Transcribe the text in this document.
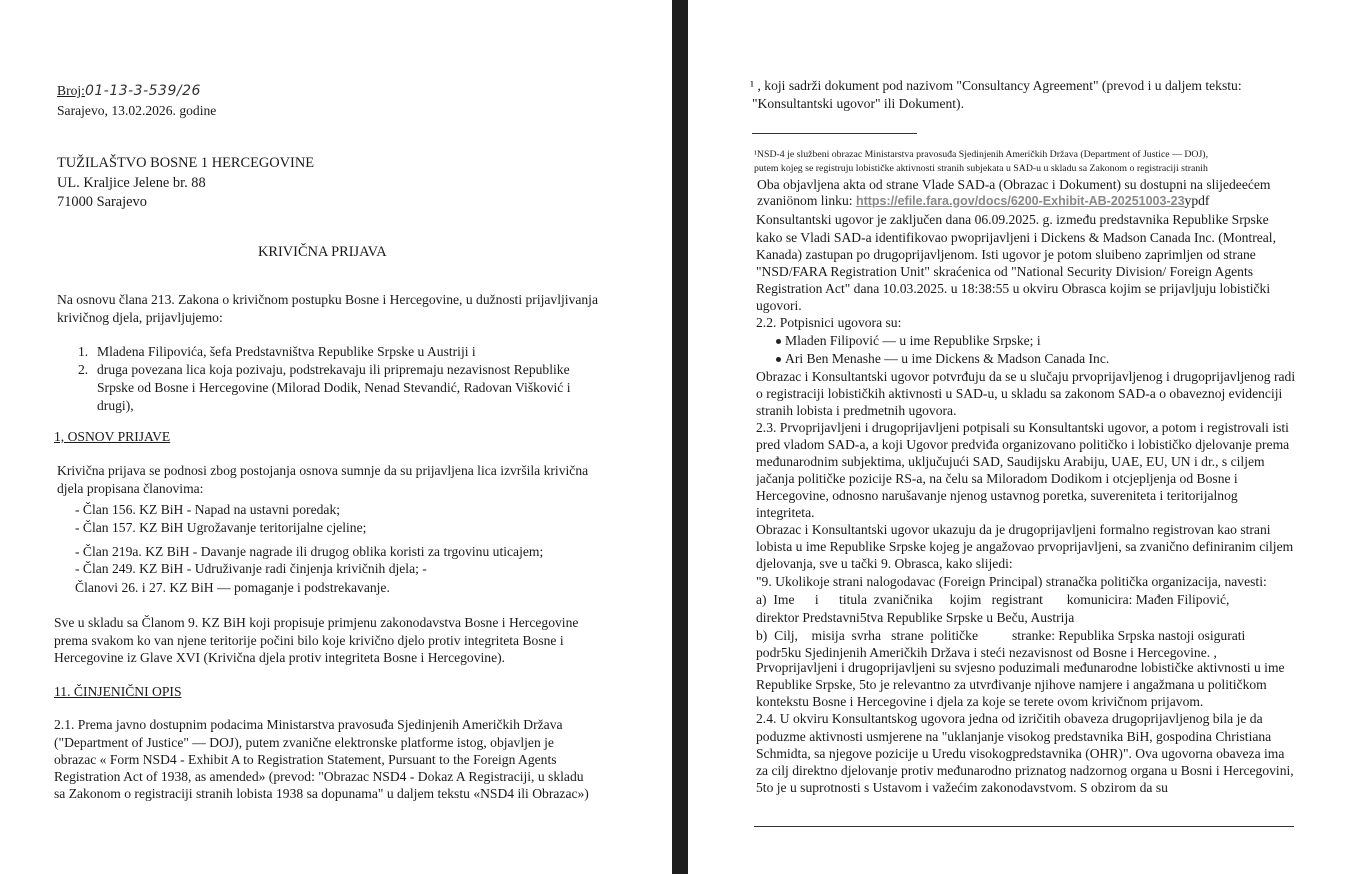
Broj:01-13-3-539/26
Sarajevo, 13.02.2026. godine
TUŽILAŠTVO BOSNE 1 HERCEGOVINE
UL. Kraljice Jelene br. 88
71000 Sarajevo
KRIVIČNA PRIJAVA
Na osnovu člana 213. Zakona o krivičnom postupku Bosne i Hercegovine, u dužnosti prijavljivanja
krivičnog djela, prijavljujemo:
1. Mladena Filipovića, šefa Predstavništva Republike Srpske u Austriji i
2. druga povezana lica koja pozivaju, podstrekavaju ili pripremaju nezavisnost Republike
Srpske od Bosne i Hercegovine (Milorad Dodik, Nenad Stevandić, Radovan Višković i
drugi),
1, OSNOV PRIJAVE
Krivična prijava se podnosi zbog postojanja osnova sumnje da su prijavljena lica izvršila krivična
djela propisana članovima:
- Član 156. KZ BiH - Napad na ustavni poredak;
- Član 157. KZ BiH Ugrožavanje teritorijalne cjeline;
- Član 219a. KZ BiH - Davanje nagrade ili drugog oblika koristi za trgovinu uticajem;
- Član 249. KZ BiH - Udruživanje radi činjenja krivičnih djela; -
Članovi 26. i 27. KZ BiH — pomaganje i podstrekavanje.
Sve u skladu sa Članom 9. KZ BiH koji propisuje primjenu zakonodavstva Bosne i Hercegovine
prema svakom ko van njene teritorije počini bilo koje krivično djelo protiv integriteta Bosne i
Hercegovine iz Glave XVI (Krivična djela protiv integriteta Bosne i Hercegovine).
11. ČINJENIČNI OPIS
2.1. Prema javno dostupnim podacima Ministarstva pravosuđa Sjedinjenih Američkih Država
("Department of Justice" — DOJ), putem zvanične elektronske platforme istog, objavljen je
obrazac « Form NSD4 - Exhibit A to Registration Statement, Pursuant to the Foreign Agents
Registration Act of 1938, as amended» (prevod: "Obrazac NSD4 - Dokaz A Registraciji, u skladu
sa Zakonom o registraciji stranih lobista 1938 sa dopunama" u daljem tekstu «NSD4 ili Obrazac»)
¹ , koji sadrži dokument pod nazivom "Consultancy Agreement" (prevod i u daljem tekstu:
"Konsultantski ugovor" ili Dokument).
¹NSD-4 je službeni obrazac Ministarstva pravosuđa Sjedinjenih Američkih Država (Department of Justice — DOJ),
putem kojeg se registruju lobističke aktivnosti stranih subjekata u SAD-u u skladu sa Zakonom o registraciji stranih
Oba objavljena akta od strane Vlade SAD-a (Obrazac i Dokument) su dostupni na slijedeećem
zvaniönom linku: https://efile.fara.gov/docs/6200-Exhibit-AB-20251003-23ypdf
Konsultantski ugovor je zaključen dana 06.09.2025. g. između predstavnika Republike Srpske
kako se Vladi SAD-a identifikovao pwoprijavljeni i Dickens & Madson Canada Inc. (Montreal,
Kanada) zastupan po drugoprijavljenom. Isti ugovor je potom sluibeno zaprimljen od strane
"NSD/FARA Registration Unit" skraćenica od "National Security Division/ Foreign Agents
Registration Act" dana 10.03.2025. u 18:38:55 u okviru Obrasca kojim se prijavljuju lobistički
ugovori.
2.2. Potpisnici ugovora su:
Mladen Filipović — u ime Republike Srpske; i
Ari Ben Menashe — u ime Dickens & Madson Canada Inc.
Obrazac i Konsultantski ugovor potvrđuju da se u slučaju prvoprijavljenog i drugoprijavljenog radi
o registraciji lobističkih aktivnosti u SAD-u, u skladu sa zakonom SAD-a o obaveznoj evidenciji
stranih lobista i predmetnih ugovora.
2.3. Prvoprijavljeni i drugoprijavljeni potpisali su Konsultantski ugovor, a potom i registrovali isti
pred vladom SAD-a, a koji Ugovor predviđa organizovano političko i lobističko djelovanje prema
međunarodnim subjektima, uključujući SAD, Saudijsku Arabiju, UAE, EU, UN i dr., s ciljem
jačanja političke pozicije RS-a, na čelu sa Miloradom Dodikom i otcjepljenja od Bosne i
Hercegovine, odnosno narušavanje njenog ustavnog poretka, suvereniteta i teritorijalnog
integriteta.
Obrazac i Konsultantski ugovor ukazuju da je drugoprijavljeni formalno registrovan kao strani
lobista u ime Republike Srpske kojeg je angažovao prvoprijavljeni, sa zvanično definiranim ciljem
djelovanja, sve u tački 9. Obrasca, kako slijedi:
"9. Ukolikoje strani nalogodavac (Foreign Principal) stranačka politička organizacija, navesti:
a)  Ime      i      titula  zvaničnika     kojim   registrant       komunicira: Mađen Filipović,
direktor Predstavni5tva Republike Srpske u Beču, Austrija
b)  Cilj,    misija  svrha   strane  političke          stranke: Republika Srpska nastoji osigurati
podr5ku Sjedinjenih Američkih Država i steći nezavisnost od Bosne i Hercegovine. ,
Prvoprijavljeni i drugoprijavljeni su svjesno poduzimali međunarodne lobističke aktivnosti u ime
Republike Srpske, 5to je relevantno za utvrđivanje njihove namjere i angažmana u političkom
kontekstu Bosne i Hercegovine i djela za koje se terete ovom krivičnom prijavom.
2.4. U okviru Konsultantskog ugovora jedna od izričitih obaveza drugoprijavljenog bila je da
poduzme aktivnosti usmjerene na "uklanjanje visokog predstavnika BiH, gospodina Christiana
Schmidta, sa njegove pozicije u Uredu visokogpredstavnika (OHR)". Ova ugovorna obaveza ima
za cilj direktno djelovanje protiv međunarodno priznatog nadzornog organa u Bosni i Hercegovini,
5to je u suprotnosti s Ustavom i važećim zakonodavstvom. S obzirom da su
